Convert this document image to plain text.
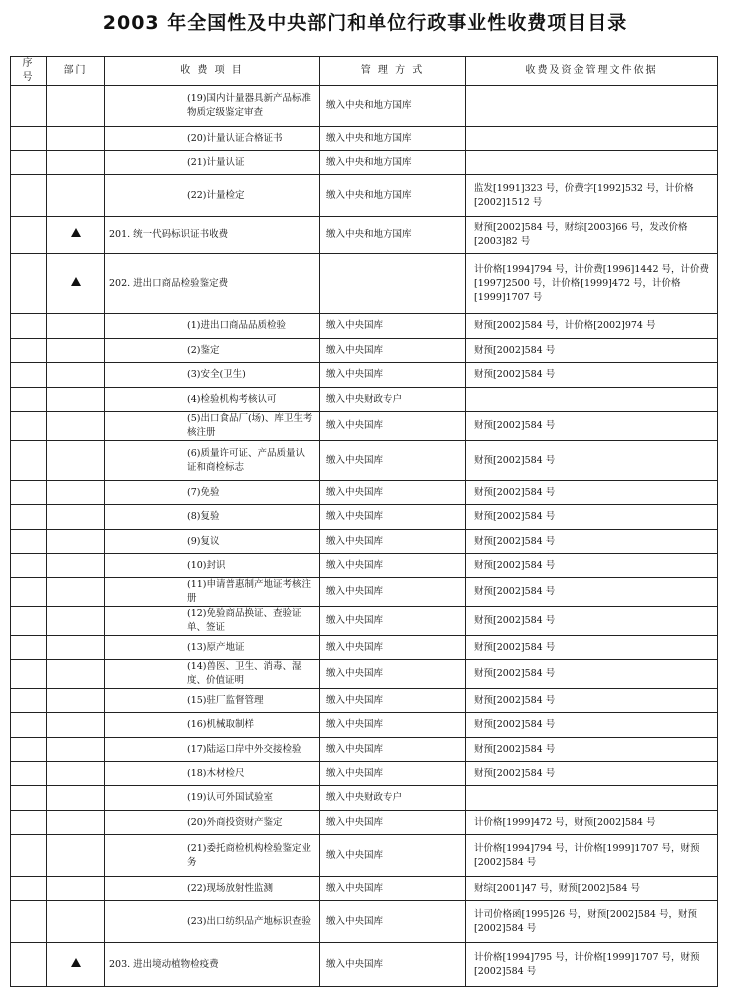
2003 年全国性及中央部门和单位行政事业性收费项目目录
序号	部门	收 费 项 目	管 理 方 式	收费及资金管理文件依据
		(19)国内计量器具新产品标准物质定级鉴定审查	缴入中央和地方国库	
		(20)计量认证合格证书	缴入中央和地方国库	
		(21)计量认证	缴入中央和地方国库	
		(22)计量检定	缴入中央和地方国库	监发[1991]323 号，价费字[1992]532 号，计价格[2002]1512 号
		201. 统一代码标识证书收费	缴入中央和地方国库	财预[2002]584 号，财综[2003]66 号，发改价格[2003]82 号
		202. 进出口商品检验鉴定费		计价格[1994]794 号，计价费[1996]1442 号，计价费[1997]2500 号，计价格[1999]472 号，计价格[1999]1707 号
		(1)进出口商品品质检验	缴入中央国库	财预[2002]584 号，计价格[2002]974 号
		(2)鉴定	缴入中央国库	财预[2002]584 号
		(3)安全(卫生)	缴入中央国库	财预[2002]584 号
		(4)检验机构考核认可	缴入中央财政专户	
		(5)出口食品厂(场)、库卫生考核注册	缴入中央国库	财预[2002]584 号
		(6)质量许可证、产品质量认证和商检标志	缴入中央国库	财预[2002]584 号
		(7)免验	缴入中央国库	财预[2002]584 号
		(8)复验	缴入中央国库	财预[2002]584 号
		(9)复议	缴入中央国库	财预[2002]584 号
		(10)封识	缴入中央国库	财预[2002]584 号
		(11)申请普惠制产地证考核注册	缴入中央国库	财预[2002]584 号
		(12)免验商品换证、查验证单、签证	缴入中央国库	财预[2002]584 号
		(13)原产地证	缴入中央国库	财预[2002]584 号
		(14)兽医、卫生、消毒、湿度、价值证明	缴入中央国库	财预[2002]584 号
		(15)驻厂监督管理	缴入中央国库	财预[2002]584 号
		(16)机械取制样	缴入中央国库	财预[2002]584 号
		(17)陆运口岸中外交接检验	缴入中央国库	财预[2002]584 号
		(18)木材检尺	缴入中央国库	财预[2002]584 号
		(19)认可外国试验室	缴入中央财政专户	
		(20)外商投资财产鉴定	缴入中央国库	计价格[1999]472 号，财预[2002]584 号
		(21)委托商检机构检验鉴定业务	缴入中央国库	计价格[1994]794 号，计价格[1999]1707 号，财预[2002]584 号
		(22)现场放射性监测	缴入中央国库	财综[2001]47 号，财预[2002]584 号
		(23)出口纺织品产地标识查验	缴入中央国库	计司价格函[1995]26 号，财预[2002]584 号，财预[2002]584 号
		203. 进出境动植物检疫费	缴入中央国库	计价格[1994]795 号，计价格[1999]1707 号，财预[2002]584 号
